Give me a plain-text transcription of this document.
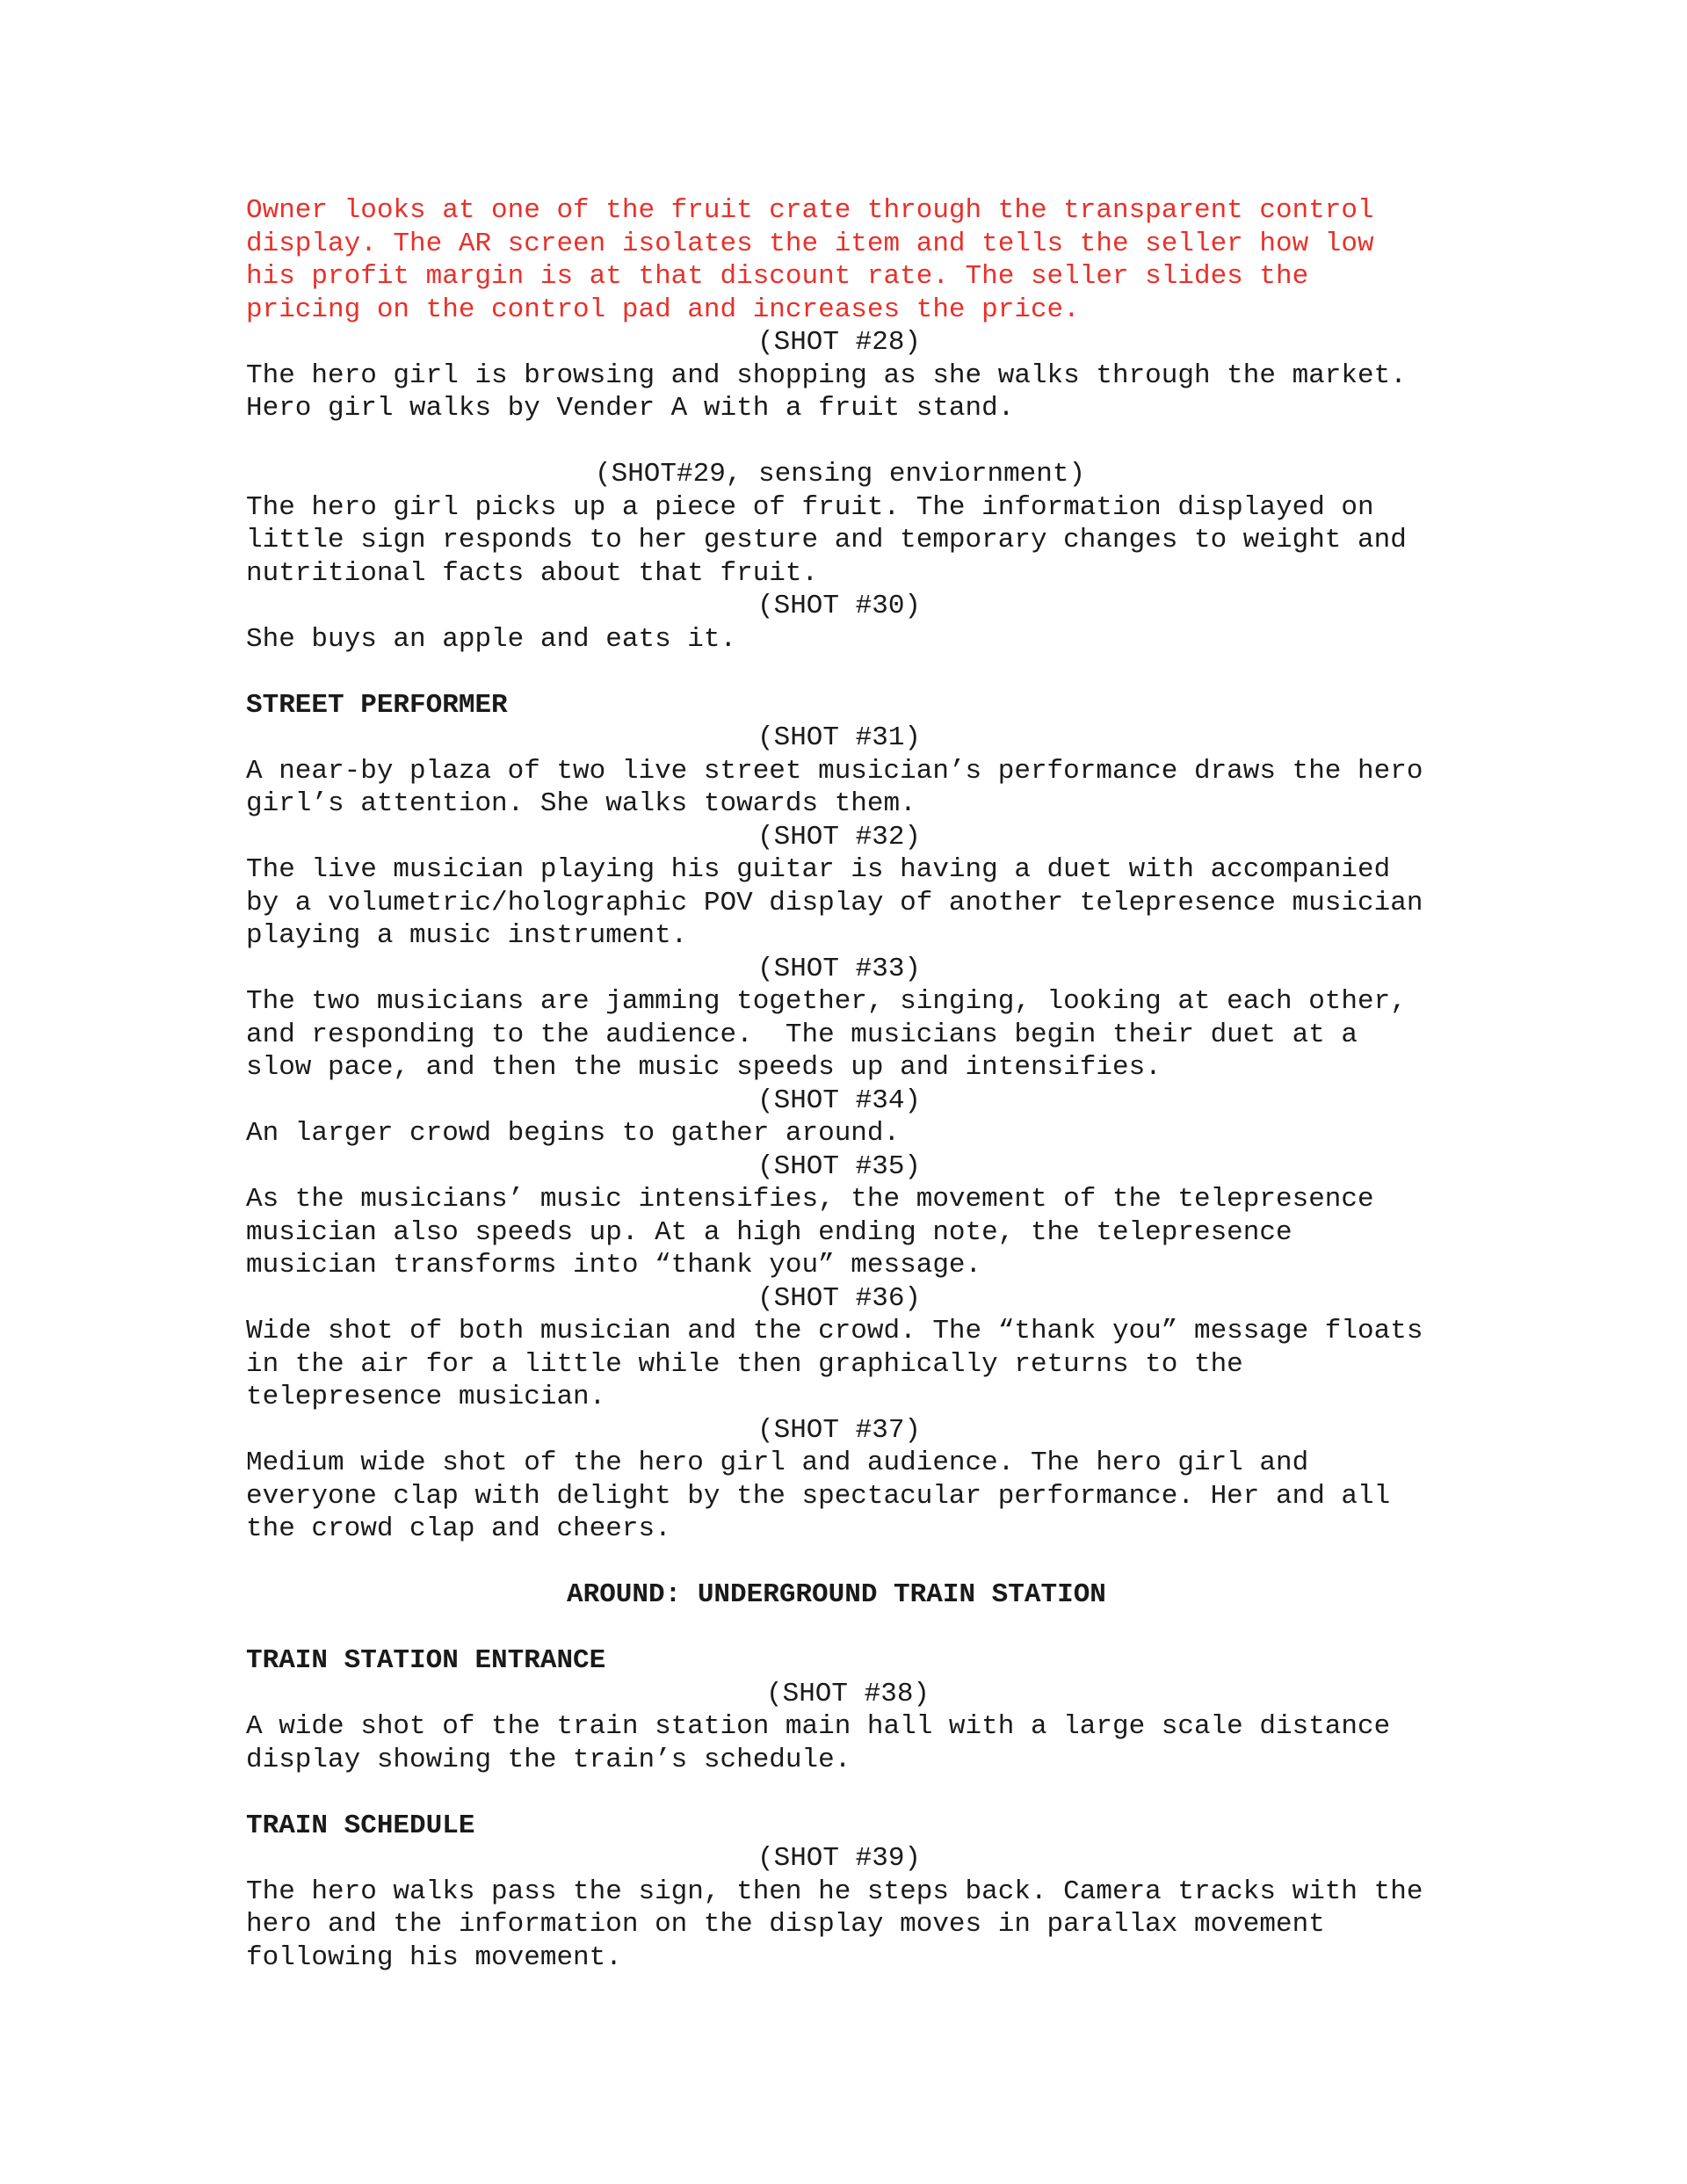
Owner looks at one of the fruit crate through the transparent control
display. The AR screen isolates the item and tells the seller how low
his profit margin is at that discount rate. The seller slides the
pricing on the control pad and increases the price.
(SHOT #28)
The hero girl is browsing and shopping as she walks through the market.
Hero girl walks by Vender A with a fruit stand.
(SHOT#29, sensing enviornment)
The hero girl picks up a piece of fruit. The information displayed on
little sign responds to her gesture and temporary changes to weight and
nutritional facts about that fruit.
(SHOT #30)
She buys an apple and eats it.
STREET PERFORMER
(SHOT #31)
A near-by plaza of two live street musician’s performance draws the hero
girl’s attention. She walks towards them.
(SHOT #32)
The live musician playing his guitar is having a duet with accompanied
by a volumetric/holographic POV display of another telepresence musician
playing a music instrument.
(SHOT #33)
The two musicians are jamming together, singing, looking at each other,
and responding to the audience.  The musicians begin their duet at a
slow pace, and then the music speeds up and intensifies.
(SHOT #34)
An larger crowd begins to gather around.
(SHOT #35)
As the musicians’ music intensifies, the movement of the telepresence
musician also speeds up. At a high ending note, the telepresence
musician transforms into “thank you” message.
(SHOT #36)
Wide shot of both musician and the crowd. The “thank you” message floats
in the air for a little while then graphically returns to the
telepresence musician.
(SHOT #37)
Medium wide shot of the hero girl and audience. The hero girl and
everyone clap with delight by the spectacular performance. Her and all
the crowd clap and cheers.
AROUND: UNDERGROUND TRAIN STATION
TRAIN STATION ENTRANCE
(SHOT #38)
A wide shot of the train station main hall with a large scale distance
display showing the train’s schedule.
TRAIN SCHEDULE
(SHOT #39)
The hero walks pass the sign, then he steps back. Camera tracks with the
hero and the information on the display moves in parallax movement
following his movement.
